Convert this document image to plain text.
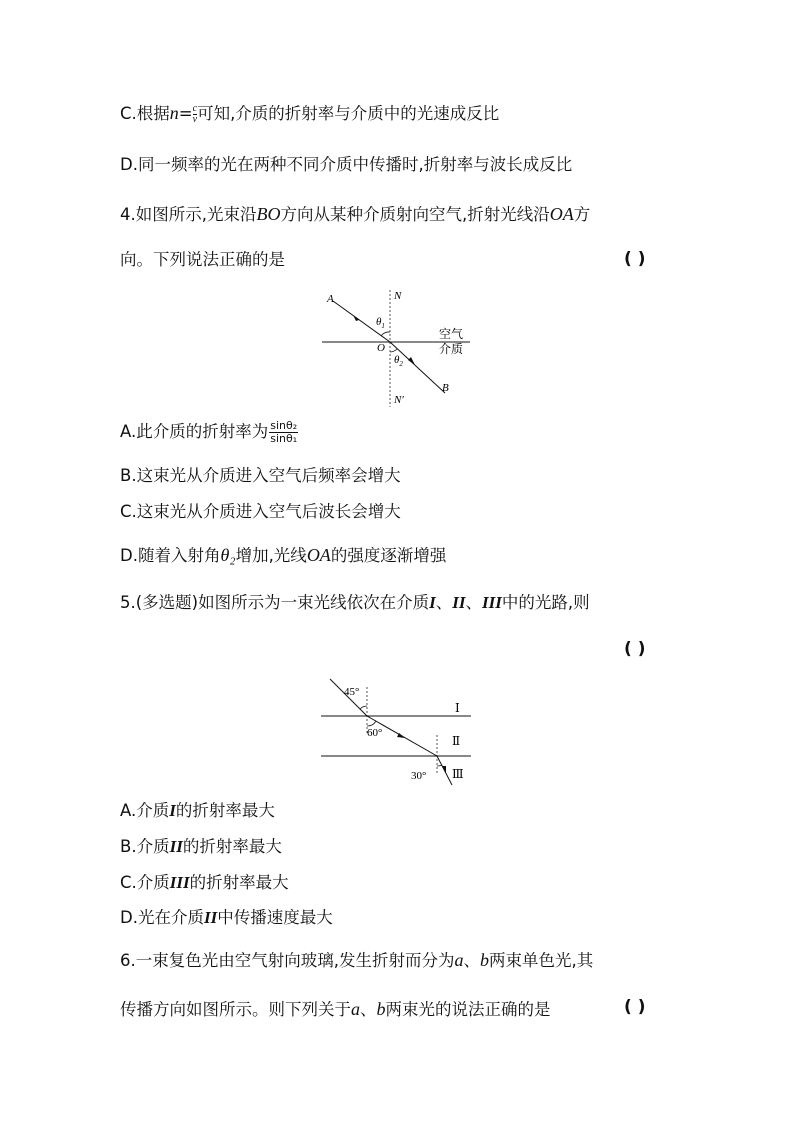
C.根据$n= \frac{c}{v}$可知,介质的折射率与介质中的光速成反比
D.同一频率的光在两种不同介质中传播时,折射率与波长成反比
4.如图所示,光束沿BO方向从某种介质射向空气,折射光线沿OA方
向。下列说法正确的是	( )
A	N
O
B
N′
$\theta_1$
$\theta_2$
空气
介质
A.此介质的折射率为 $\frac{\text{sinθ₂}}{\text{sinθ₁}}$
B.这束光从介质进入空气后频率会增大
C.这束光从介质进入空气后波长会增大
D.随着入射角θ₂增加,光线OA的强度逐渐增强
5.(多选题)如图所示为一束光线依次在介质I、II、III中的光路,则
( )
45°
60°
30°
Ⅰ
Ⅱ
Ⅲ
A.介质I的折射率最大
B.介质II的折射率最大
C.介质III的折射率最大
D.光在介质II中传播速度最大
6.一束复色光由空气射向玻璃,发生折射而分为a、b两束单色光,其
传播方向如图所示。则下列关于a、b两束光的说法正确的是	( )
